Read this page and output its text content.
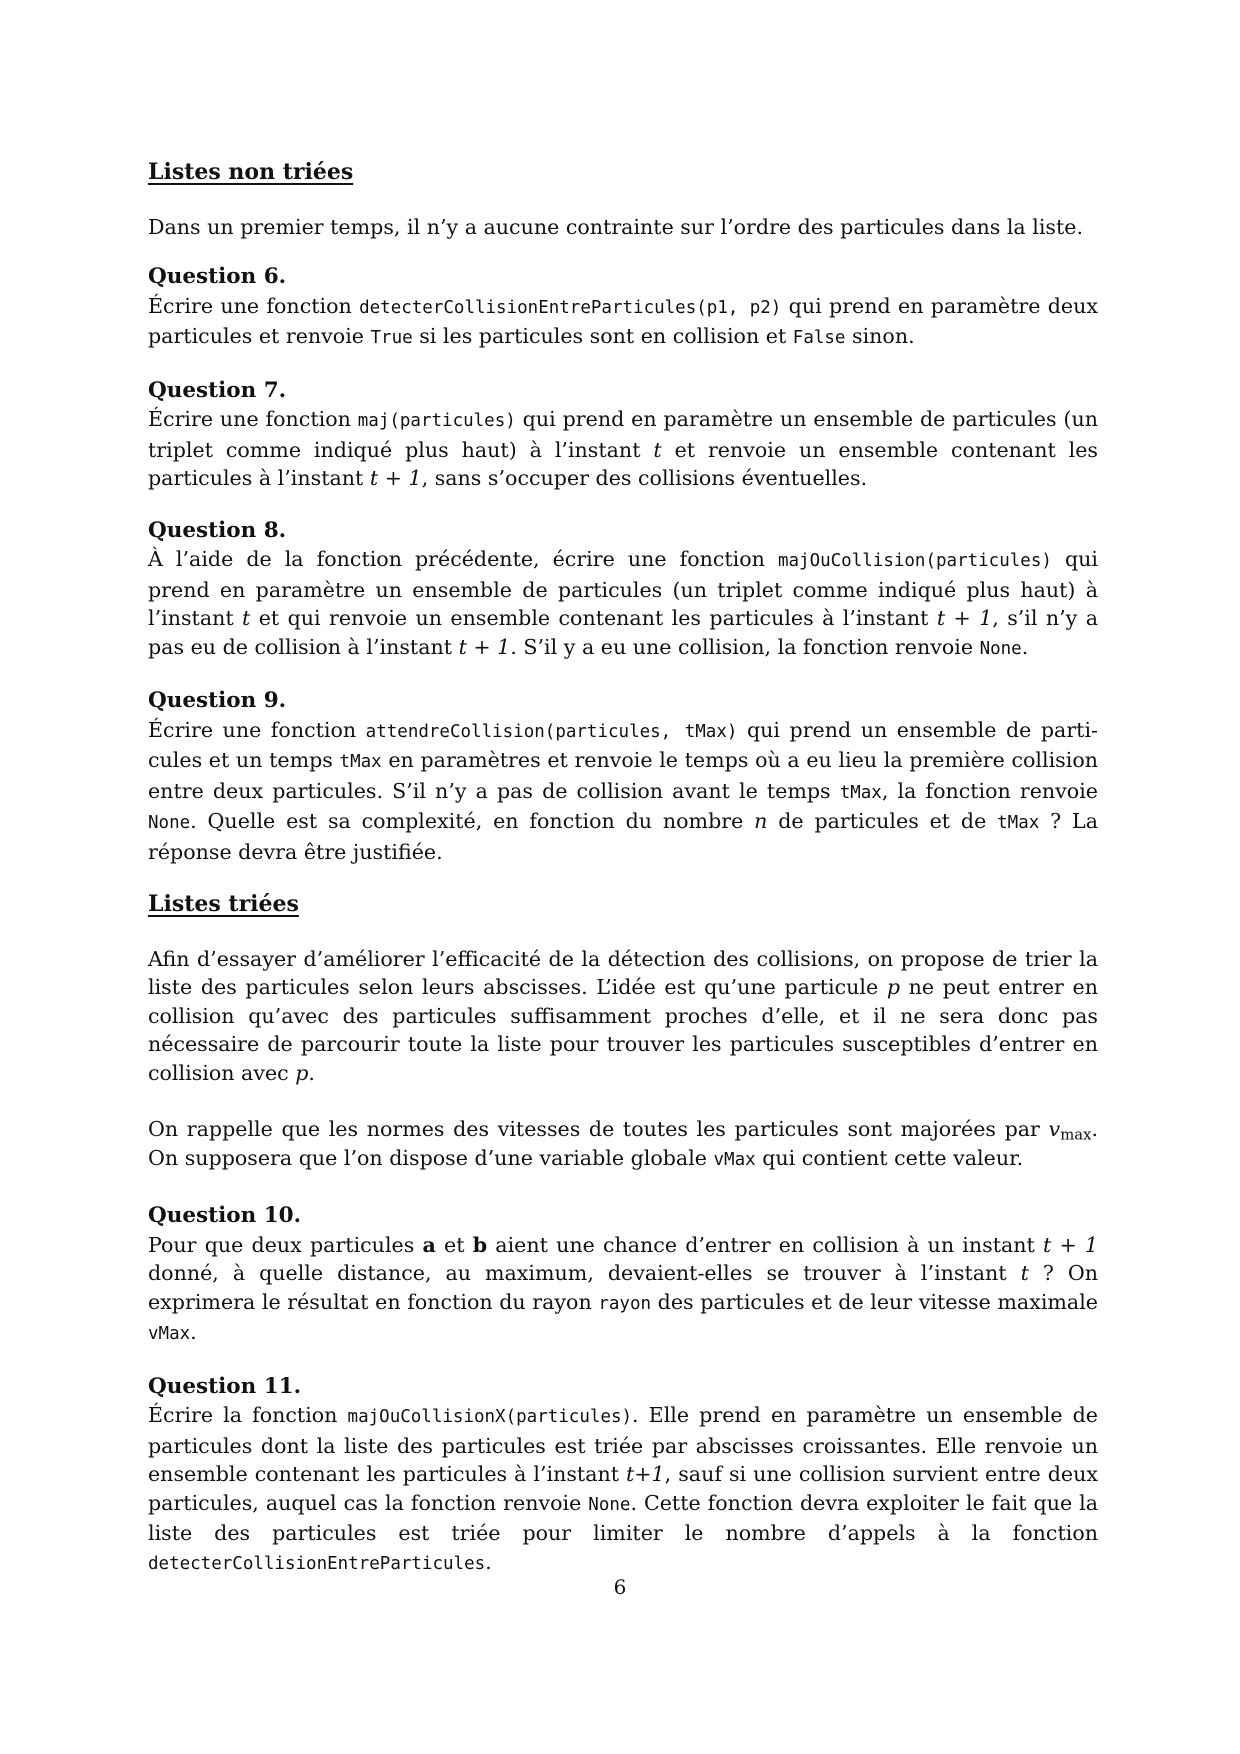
Listes non triées

Dans un premier temps, il n’y a aucune contrainte sur l’ordre des particules dans la liste.

Question 6.

Écrire une fonction detecterCollisionEntreParticules(p1, p2) qui prend en paramètre deux particules et renvoie True si les particules sont en collision et False sinon.

Question 7.

Écrire une fonction maj(particules) qui prend en paramètre un ensemble de particules (un triplet comme indiqué plus haut) à l’instant t et renvoie un ensemble contenant les particules à l’instant t + 1, sans s’occuper des collisions éventuelles.

Question 8.

À l’aide de la fonction précédente, écrire une fonction majOuCollision(particules) qui prend en paramètre un ensemble de particules (un triplet comme indiqué plus haut) à l’instant t et qui renvoie un ensemble contenant les particules à l’instant t + 1, s’il n’y a pas eu de collision à l’instant t + 1. S’il y a eu une collision, la fonction renvoie None.

Question 9.

Écrire une fonction attendreCollision(particules, tMax) qui prend un ensemble de particules et un temps tMax en paramètres et renvoie le temps où a eu lieu la première collision entre deux particules. S’il n’y a pas de collision avant le temps tMax, la fonction renvoie None. Quelle est sa complexité, en fonction du nombre n de particules et de tMax ? La réponse devra être justifiée.

Listes triées

Afin d’essayer d’améliorer l’efficacité de la détection des collisions, on propose de trier la liste des particules selon leurs abscisses. L’idée est qu’une particule p ne peut entrer en collision qu’avec des particules suffisamment proches d’elle, et il ne sera donc pas nécessaire de parcourir toute la liste pour trouver les particules susceptibles d’entrer en collision avec p.

On rappelle que les normes des vitesses de toutes les particules sont majorées par $v_{max}$. On supposera que l’on dispose d’une variable globale vMax qui contient cette valeur.

Question 10.

Pour que deux particules a et b aient une chance d’entrer en collision à un instant t + 1 donné, à quelle distance, au maximum, devaient-elles se trouver à l’instant t ? On exprimera le résultat en fonction du rayon rayon des particules et de leur vitesse maximale vMax.

Question 11.

Écrire la fonction majOuCollisionX(particules). Elle prend en paramètre un ensemble de particules dont la liste des particules est triée par abscisses croissantes. Elle renvoie un ensemble contenant les particules à l’instant t+1, sauf si une collision survient entre deux particules, auquel cas la fonction renvoie None. Cette fonction devra exploiter le fait que la liste des particules est triée pour limiter le nombre d’appels à la fonction detecterCollisionEntreParticules.

6
